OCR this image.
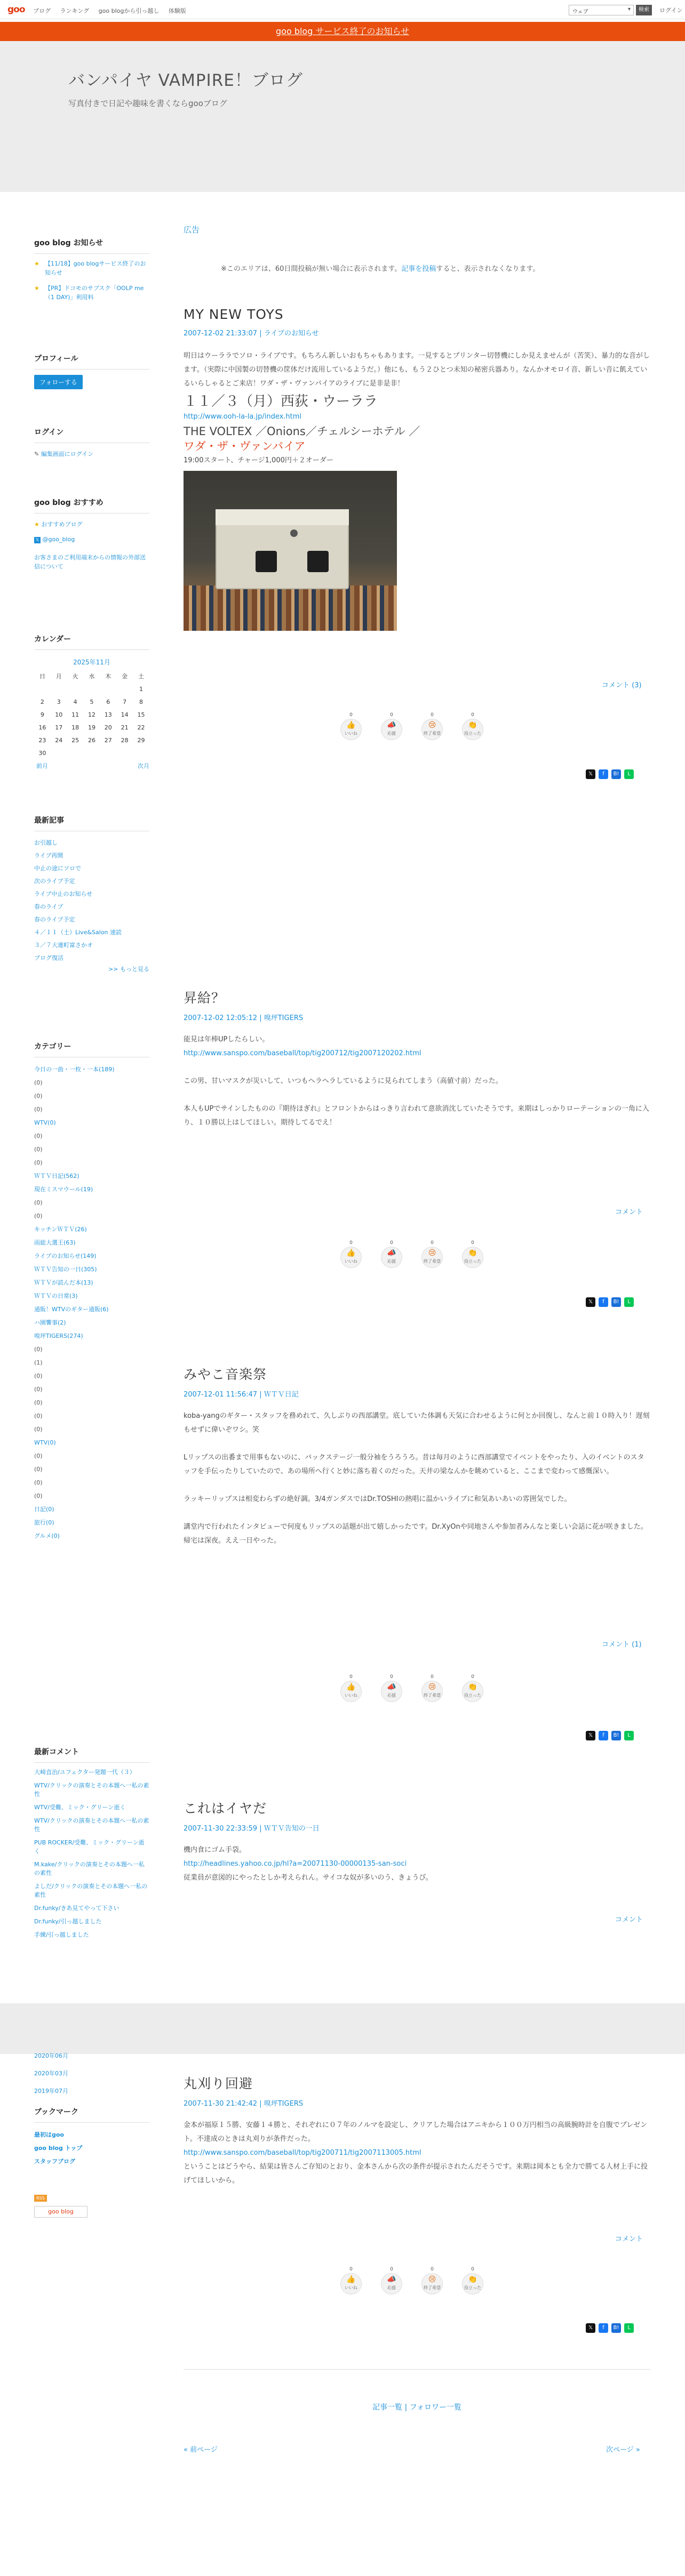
goo ブログ ランキング goo blogから引っ越し 体験版	ウェブ ▾	検索	ログイン
goo blog サービス終了のお知らせ
バンパイヤ VAMPIRE！ブログ
写真付きで日記や趣味を書くならgooブログ
goo blog お知らせ
★ 【11/18】goo blogサービス終了のお知らせ
★ 【PR】ドコモのサブスク「OOLP me（1 DAY)」利用料
プロフィール
フォローする
ログイン
✎ 編集画面にログイン
goo blog おすすめ
★ おすすめブログ
𝕏 @goo_blog
お客さまのご利用端末からの情報の外部送信について
カレンダー
2025年11月
日	月	火	水	木	金	土
						1
2	3	4	5	6	7	8
9	10	11	12	13	14	15
16	17	18	19	20	21	22
23	24	25	26	27	28	29
30						
前月	次月
最新記事
お引越し
ライブ再開
中止の途にソロで
次のライブ予定
ライブ中止のお知らせ
春のライブ
春のライブ予定
４／１１（土）Live&Salon 速読
３／７大連町富さかオ
ブログ復活
>> もっと見る
カテゴリー
今日の一曲・一枚・一本(189)
(0)
(0)
(0)
WTV(0)
(0)
(0)
(0)
ＷＴＶ日記(562)
現在ミスマウール(19)
(0)
(0)
キッチンＷＴＶ(26)
雨総大選王(63)
ライブのお知らせ(149)
ＷＴＶ告知の一日(305)
ＷＴＶが読んだ本(13)
ＷＴＶの日常(3)
通販！WTVのギター通販(6)
ハ園饗事(2)
嗅坪TIGERS(274)
(0)
(1)
(0)
(0)
(0)
(0)
(0)
WTV(0)
(0)
(0)
(0)
(0)
日記(0)
旅行(0)
グルメ(0)
最新コメント
大崎直治/ユフェクター発題一代（３）
WTV/クリックの演奏とその本題へ一私の素性
WTV/受難、ミック・グリーン逝く
WTV/クリックの演奏とその本題へ一私の素性
PUB ROCKER/受難、ミック・グリーン逝く
M.kake/クリックの演奏とその本題へ一私の素性
よしだ/クリックの演奏とその本題へ一私の素性
Dr.funky/きあ見てやって下さい
Dr.funky/引っ越しました
手練/引っ越しました
2020年06月
2020年03月
2019年07月
ブックマーク
最初はgoo
goo blog トップ
スタッフブログ
RSS
goo blog
広告
※このエリアは、60日間投稿が無い場合に表示されます。記事を投稿すると、表示されなくなります。
MY NEW TOYS
2007-12-02 21:33:07 | ライブのお知らせ
明日はウーララでソロ・ライブです。もちろん新しいおもちゃもあります。一見するとプリンター切替機にしか見えませんが（苦笑）、暴力的な音がします。（実際に中国製の切替機の筐体だけ流用しているようだ。）他にも、もう２ひとつ未知の秘密兵器あり。なんかオモロイ音、新しい音に飢えているいらしゃるとご来店！ワダ・ザ・ヴァンパイアのライブに是非是非！
１１／３（月）西荻・ウーララ
http://www.ooh-la-la.jp/index.html
THE VOLTEX ／Onions／チェルシーホテル ／
ワダ・ザ・ヴァンパイア
19:00スタート、チャージ1,000円＋２オーダー
コメント (3)
0
👍
いいね
0
📣
応援
0
😢
終了希望
0
👏
役立った
𝕏	f	B!	L
昇給？
2007-12-02 12:05:12 | 嗅坪TIGERS
能見は年棒UPしたらしい。
http://www.sanspo.com/baseball/top/tig200712/tig2007120202.html
この男、甘いマスクが災いして、いつもヘラヘラしているように見られてしまう（高値寸前）だった。
本人もUPでサインしたものの『期待ほぎれ』とフロントからはっきり言われて意欲消沈していたそうです。来期はしっかりローテーションの一角に入り、１０勝以上はしてほしい。期待してるでえ！
コメント
0
👍
いいね
0
📣
応援
0
😢
終了希望
0
👏
役立った
𝕏	f	B!	L
みやこ音楽祭
2007-12-01 11:56:47 | ＷＴＶ日記
koba-yangのギター・スタッフを務めれて、久しぶりの西部講堂。底していた体調も天気に合わせるように何とか回復し、なんと前１０時入り！遅刻もせずに偉いぞワシ。笑
Lリップスの出番まで用事もないのに、バックステージ一般分袖をうろうろ。昔は毎月のように西部講堂でイベントをやったり、入のイベントのスタッフを手伝ったりしていたので、あの場所へ行くと妙に落ち着くのだった。天井の梁なんかを眺めていると、ここまで変わって感慨深い。
ラッキーリップスは相変わらずの絶好調。3/4ガンダスではDr.TOSHIの熱唱に温かいライブに和気あいあいの雰囲気でした。
講堂内で行われたインタビューで何度もリップスの話題が出て嬉しかったです。Dr.XyOnや同地さんや参加者みんなと楽しい会話に花が咲きました。帰宅は深夜。ええ一日やった。
コメント (1)
0
👍
いいね
0
📣
応援
0
😢
終了希望
0
👏
役立った
𝕏	f	B!	L
これはイヤだ
2007-11-30 22:33:59 | ＷＴＶ告知の一日
機内食にゴム手袋。
http://headlines.yahoo.co.jp/hl?a=20071130-00000135-san-soci
従業員が意図的にやったとしか考えられん。サイコな奴が多いのう、きょうび。
コメント
丸刈り回避
2007-11-30 21:42:42 | 嗅坪TIGERS
金本が福原１５勝、安藤１４勝と、それぞれに０７年のノルマを設定し、クリアした場合はアニキから１００万円相当の高級腕時計を自腹でプレゼント。不達成のときは丸刈りが条件だった。
http://www.sanspo.com/baseball/top/tig200711/tig2007113005.html
ということはどうやら、結果は皆さんご存知のとおり、金本さんから次の条件が提示されたんだそうです。来期は岡本とも全力で勝てる人材上手に投げてほしいから。
コメント
0
👍
いいね
0
📣
応援
0
😢
終了希望
0
👏
役立った
𝕏	f	B!	L
記事一覧 | フォロワー一覧
« 前ページ	次ページ »
